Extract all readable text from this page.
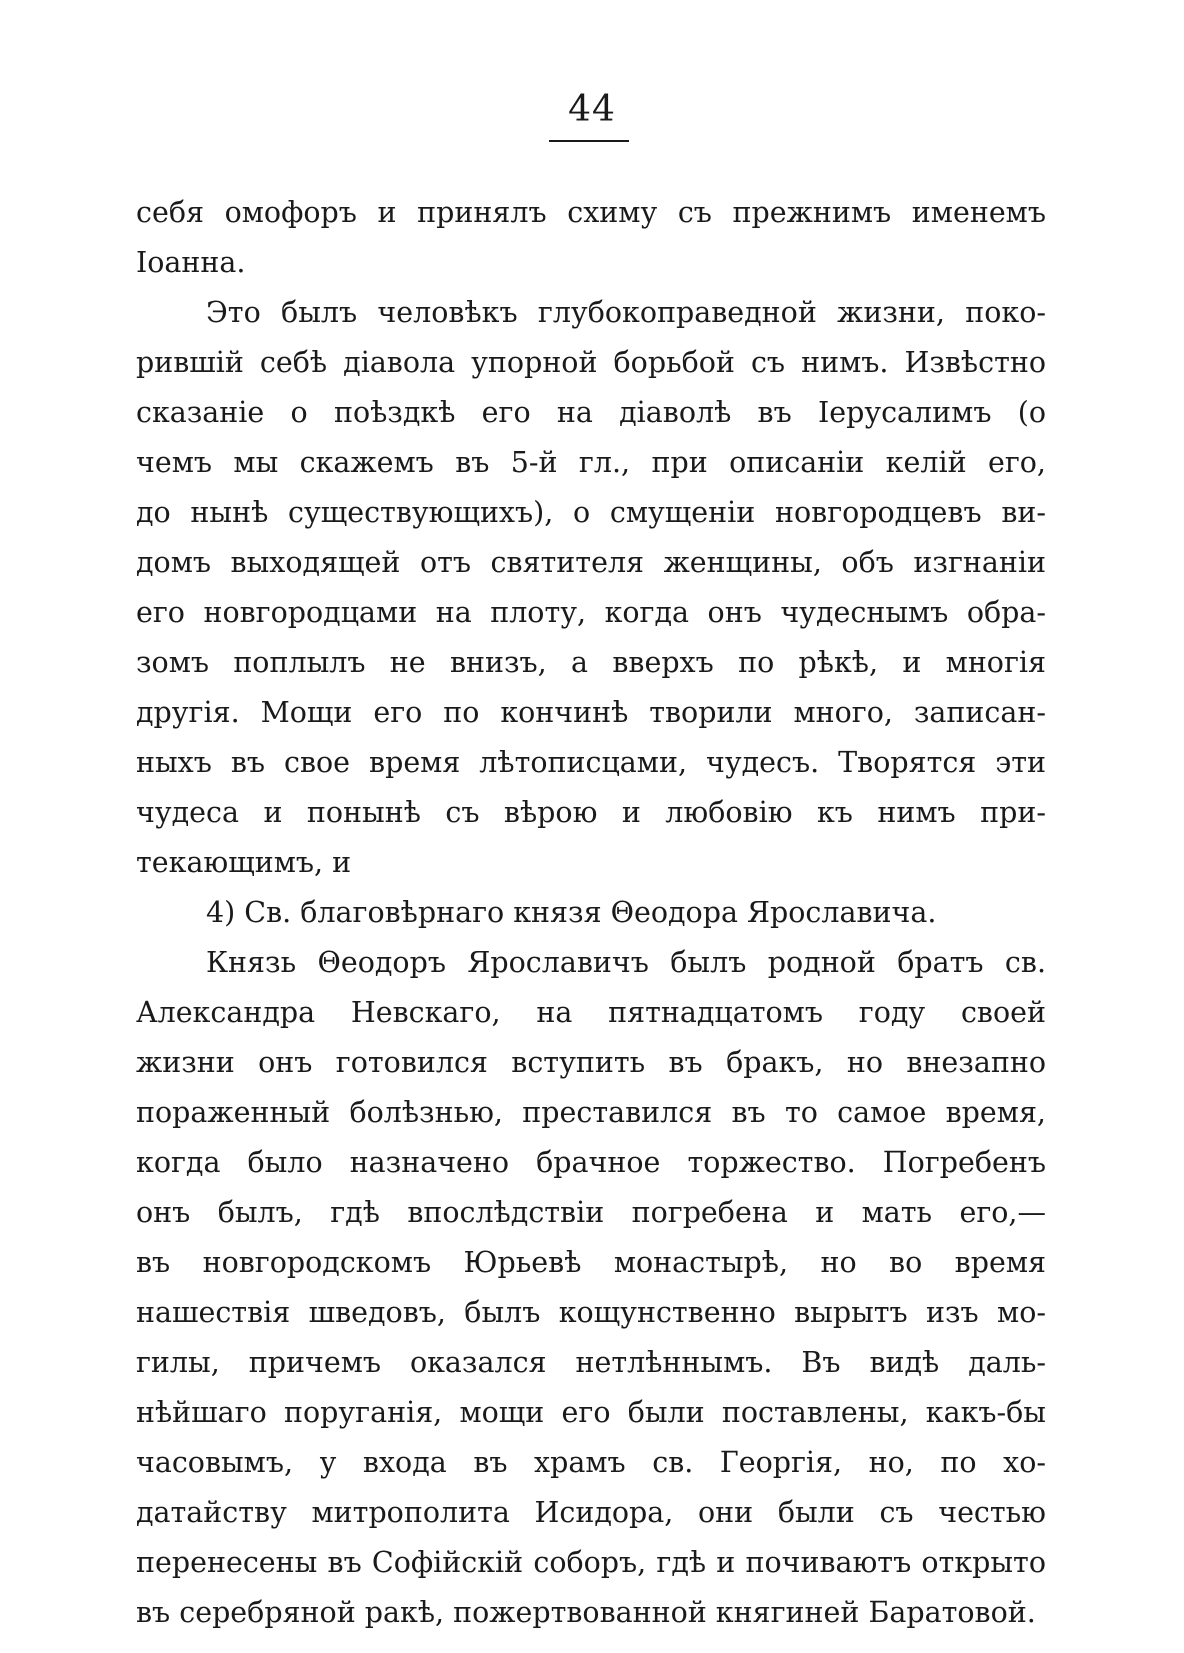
44
себя омофоръ и принялъ схиму съ прежнимъ именемъ
Іоанна.
Это былъ человѣкъ глубокоправедной жизни, поко-
рившій себѣ діавола упорной борьбой съ нимъ. Извѣстно
сказаніе о поѣздкѣ его на діаволѣ въ Іерусалимъ (о
чемъ мы скажемъ въ 5-й гл., при описаніи келій его,
до нынѣ существующихъ), о смущеніи новгородцевъ ви-
домъ выходящей отъ святителя женщины, объ изгнаніи
его новгородцами на плоту, когда онъ чудеснымъ обра-
зомъ поплылъ не внизъ, а вверхъ по рѣкѣ, и многія
другія. Мощи его по кончинѣ творили много, записан-
ныхъ въ свое время лѣтописцами, чудесъ. Творятся эти
чудеса и понынѣ съ вѣрою и любовію къ нимъ при-
текающимъ, и
4) Св. благовѣрнаго князя Θеодора Ярославича.
Князь Θеодоръ Ярославичъ былъ родной братъ св.
Александра Невскаго, на пятнадцатомъ году своей
жизни онъ готовился вступить въ бракъ, но внезапно
пораженный болѣзнью, преставился въ то самое время,
когда было назначено брачное торжество. Погребенъ
онъ былъ, гдѣ впослѣдствіи погребена и мать его,—
въ новгородскомъ Юрьевѣ монастырѣ, но во время
нашествія шведовъ, былъ кощунственно вырытъ изъ мо-
гилы, причемъ оказался нетлѣннымъ. Въ видѣ даль-
нѣйшаго поруганія, мощи его были поставлены, какъ-бы
часовымъ, у входа въ храмъ св. Георгія, но, по хо-
датайству митрополита Исидора, они были съ честью
перенесены въ Софійскій соборъ, гдѣ и почиваютъ открыто
въ серебряной ракѣ, пожертвованной княгиней Баратовой.
